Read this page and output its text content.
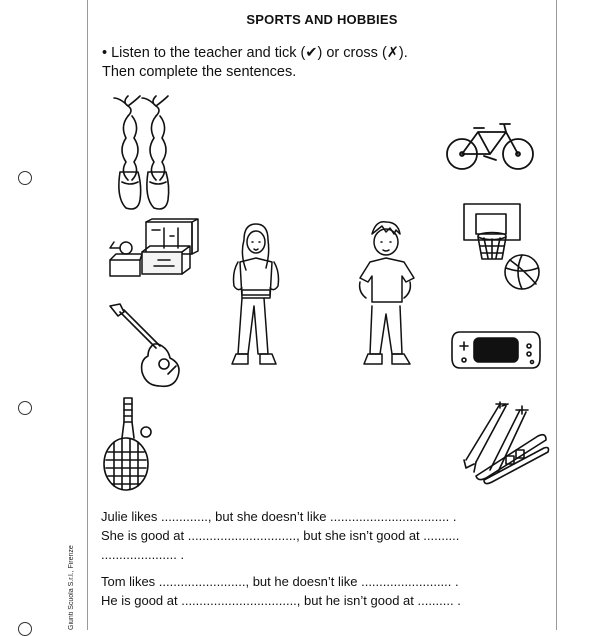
Giunti Scuola S.r.l., Firenze
SPORTS AND HOBBIES
• Listen to the teacher and tick (✔) or cross (✗).
Then complete the sentences.
Julie likes ............., but she doesn’t like ................................. .
She is good at .............................., but she isn’t good at ..........
..................... .
Tom likes ........................, but he doesn’t like ......................... .
He is good at ................................, but he isn’t good at .......... .
